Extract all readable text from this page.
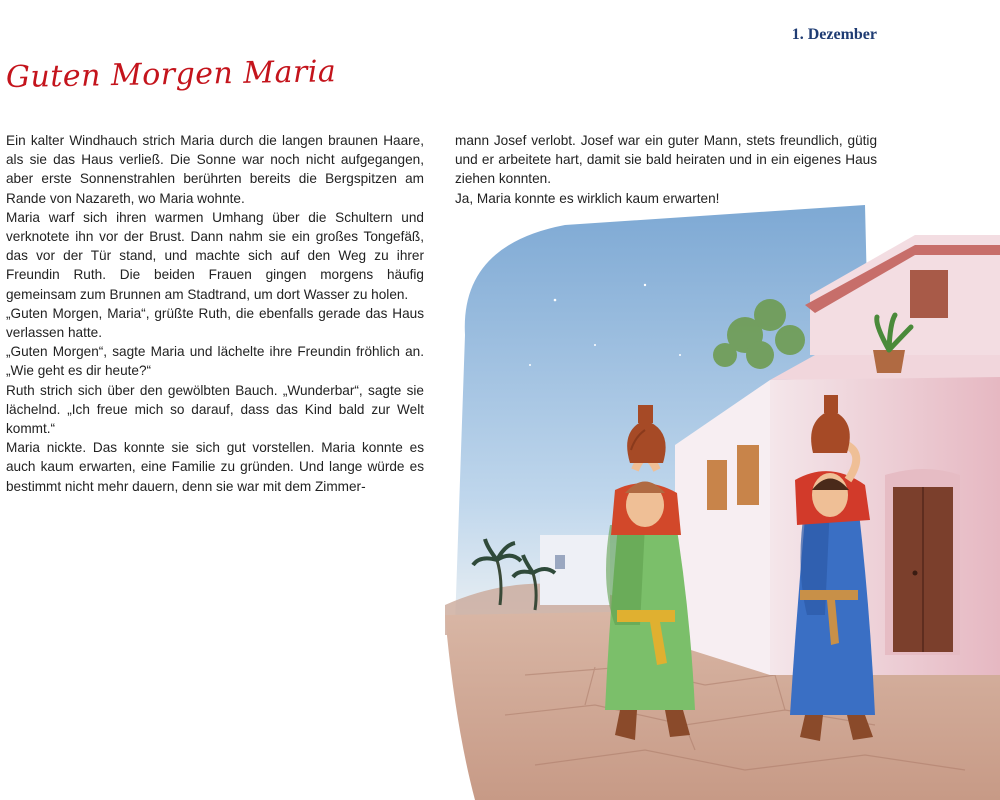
1. Dezember
Guten Morgen Maria

Ein kalter Windhauch strich Maria durch die langen braunen Haare, als sie das Haus verließ. Die Sonne war noch nicht aufgegangen, aber erste Sonnenstrahlen berührten bereits die Bergspitzen am Rande von Nazareth, wo Maria wohnte.

Maria warf sich ihren warmen Umhang über die Schultern und verknotete ihn vor der Brust. Dann nahm sie ein großes Tongefäß, das vor der Tür stand, und machte sich auf den Weg zu ihrer Freundin Ruth. Die beiden Frauen gingen morgens häufig gemeinsam zum Brunnen am Stadtrand, um dort Wasser zu holen.

„Guten Morgen, Maria“, grüßte Ruth, die ebenfalls gerade das Haus verlassen hatte.

„Guten Morgen“, sagte Maria und lächelte ihre Freundin fröhlich an. „Wie geht es dir heute?“

Ruth strich sich über den gewölbten Bauch. „Wunderbar“, sagte sie lächelnd. „Ich freue mich so darauf, dass das Kind bald zur Welt kommt.“

Maria nickte. Das konnte sie sich gut vorstellen. Maria konnte es auch kaum erwarten, eine Familie zu gründen. Und lange würde es bestimmt nicht mehr dauern, denn sie war mit dem Zimmer-

mann Josef verlobt. Josef war ein guter Mann, stets freundlich, gütig und er arbeitete hart, damit sie bald heiraten und in ein eigenes Haus ziehen konnten.

Ja, Maria konnte es wirklich kaum erwarten!
